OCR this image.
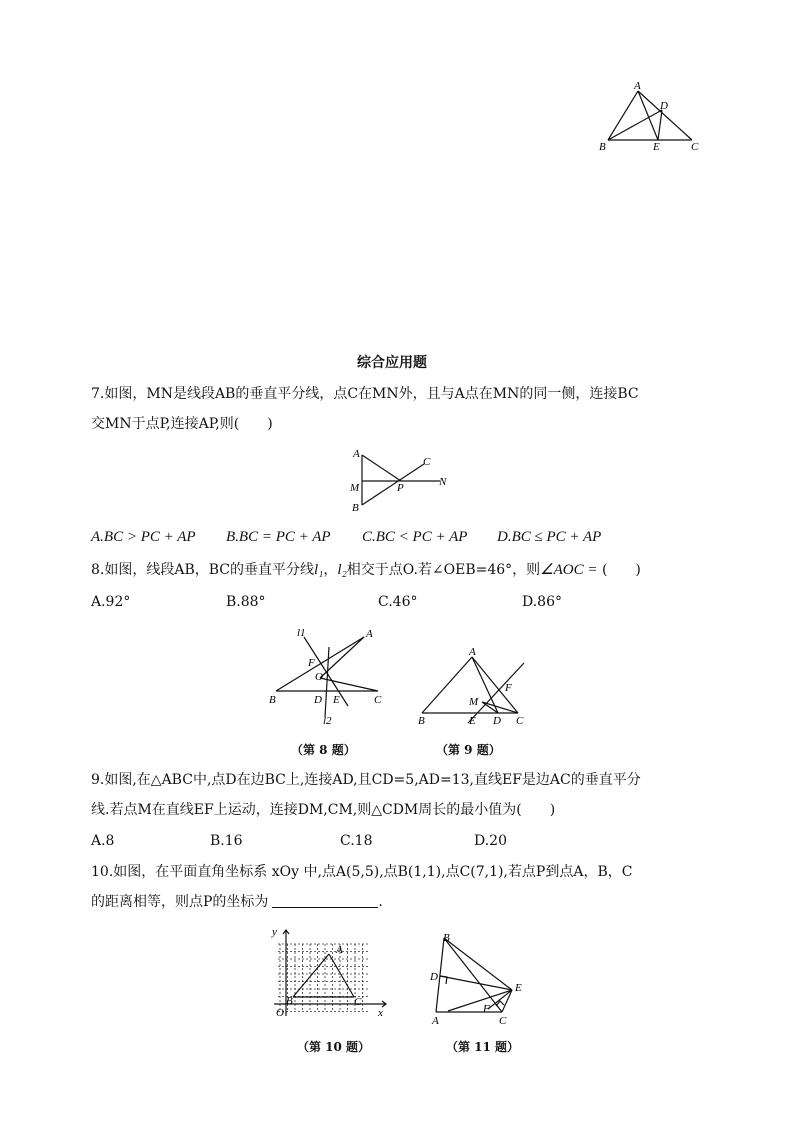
A
D
B	E	C
综合应用题
7.如图，MN是线段AB的垂直平分线，点C在MN外，且与A点在MN的同一侧，连接BC
交MN于点P,连接AP,则(　　)
A
C
M	P	N
B
A.BC > PC + AP B.BC = PC + AP C.BC < PC + AP D.BC ≤ PC + AP
8.如图，线段AB，BC的垂直平分线l₁，l₂相交于点O.若∠OEB=46°，则∠AOC = (　　)
A.92°	B.88°	C.46°	D.86°
l1	A
F
O
B	D E	C
l2
A
F
M
B	E D C
（第 8 题）	（第 9 题）
9.如图,在△ABC中,点D在边BC上,连接AD,且CD=5,AD=13,直线EF是边AC的垂直平分
线.若点M在直线EF上运动，连接DM,CM,则△CDM周长的最小值为(　　)
A.8	B.16	C.18	D.20
10.如图，在平面直角坐标系 xOy 中,点A(5,5),点B(1,1),点C(7,1),若点P到点A，B，C
的距离相等，则点P的坐标为	.
y
A
B	C
O	x
B
D
E
F
A	C
（第 10 题）	（第 11 题）
